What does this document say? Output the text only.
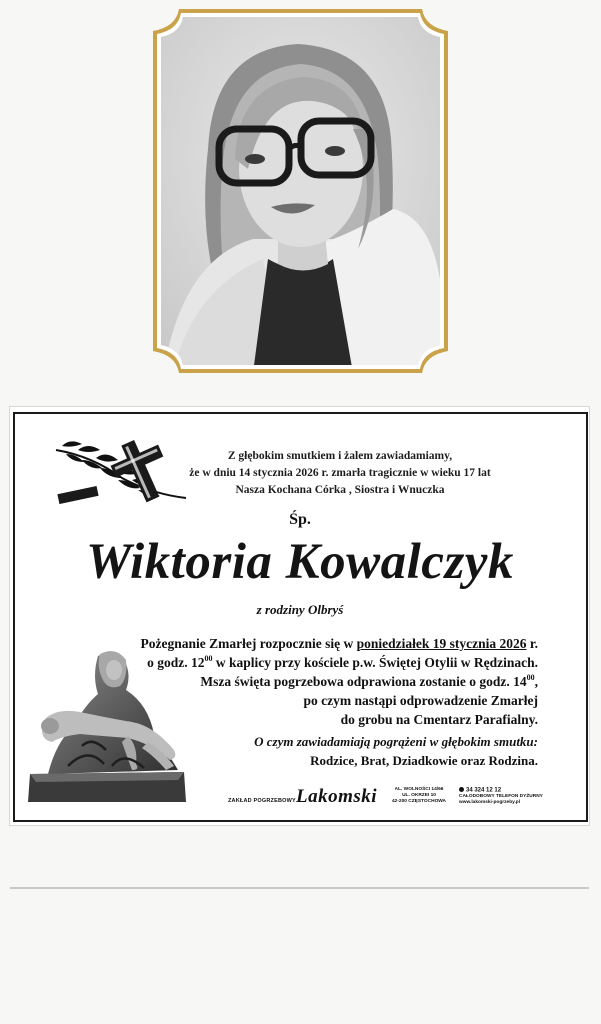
Z głębokim smutkiem i żalem zawiadamiamy,
że w dniu 14 stycznia 2026 r. zmarła tragicznie w wieku 17 lat
Nasza Kochana Córka , Siostra i Wnuczka
Śp.
Wiktoria Kowalczyk
z rodziny Olbryś
Pożegnanie Zmarłej rozpocznie się w poniedziałek 19 stycznia 2026 r.
o godz. $12^{00}$ w kaplicy przy kościele p.w. Świętej Otylii w Rędzinach.
Msza święta pogrzebowa odprawiona zostanie o godz. $14^{00}$,
po czym nastąpi odprowadzenie Zmarłej
do grobu na Cmentarz Parafialny.
O czym zawiadamiają pogrążeni w głębokim smutku:
Rodzice, Brat, Dziadkowie oraz Rodzina.
ZAKŁAD POGRZEBOWY Lakomski	AL. WOLNOŚCI 14/66
UL. OKRZEI 10
42-200 CZĘSTOCHOWA
34 324 12 12
CAŁODOBOWY TELEFON DYŻURNY
www.lakomski-pogrzeby.pl
